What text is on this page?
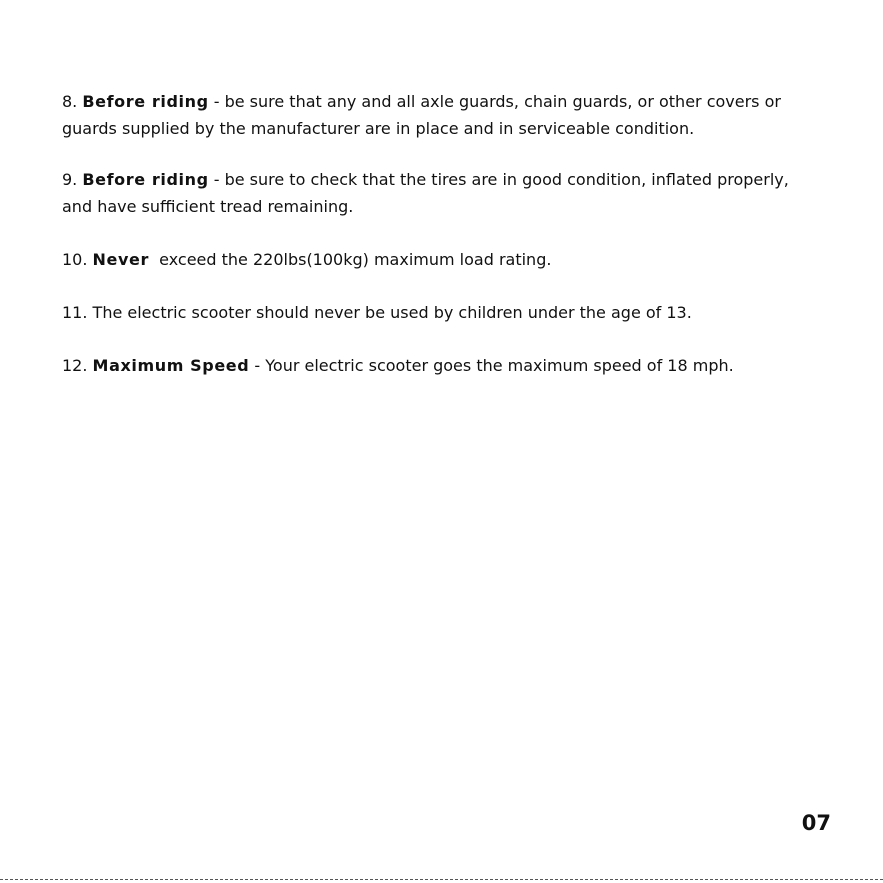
8. Before riding - be sure that any and all axle guards, chain guards, or other covers or
guards supplied by the manufacturer are in place and in serviceable condition.
9. Before riding - be sure to check that the tires are in good condition, inflated properly,
and have sufficient tread remaining.
10. Never  exceed the 220lbs(100kg) maximum load rating.
11. The electric scooter should never be used by children under the age of 13.
12. Maximum Speed - Your electric scooter goes the maximum speed of 18 mph.
07
